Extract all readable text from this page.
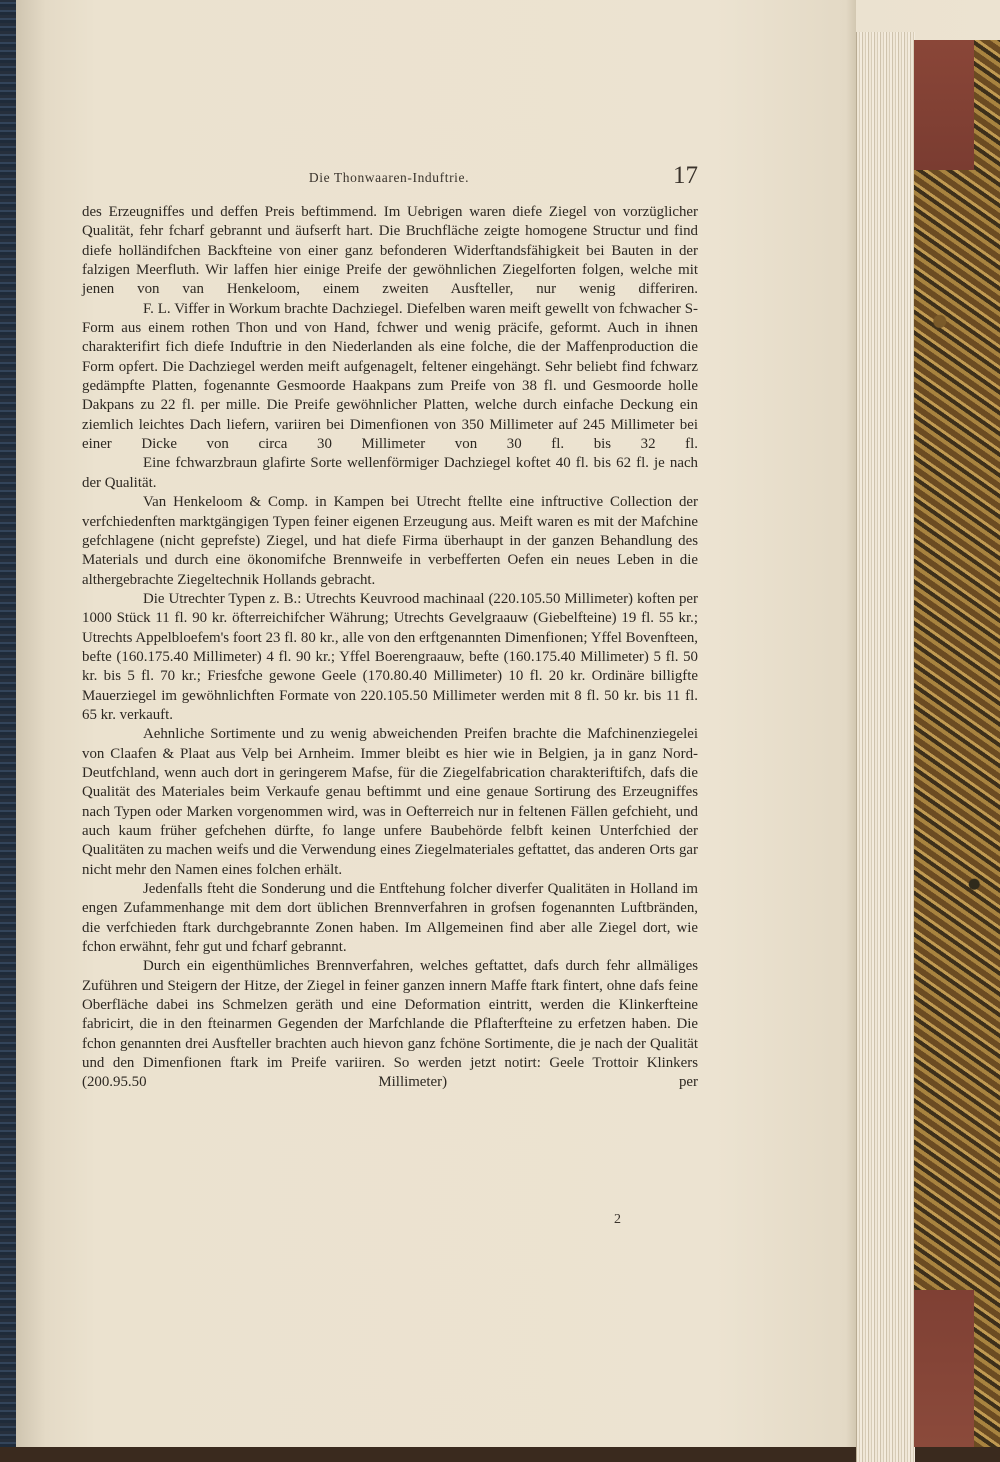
Die Thonwaaren-Induftrie.	17

des Erzeugniffes und deffen Preis beftimmend. Im Uebrigen waren diefe Ziegel von vorzüglicher Qualität, fehr fcharf gebrannt und äufserft hart. Die Bruchfläche zeigte homogene Structur und find diefe holländifchen Backfteine von einer ganz befonderen Widerftandsfähigkeit bei Bauten in der falzigen Meerfluth. Wir laffen hier einige Preife der gewöhnlichen Ziegelforten folgen, welche mit jenen von van Henkeloom, einem zweiten Ausfteller, nur wenig differiren.

F. L. Viffer in Workum brachte Dachziegel. Diefelben waren meift gewellt von fchwacher S-Form aus einem rothen Thon und von Hand, fchwer und wenig präcife, geformt. Auch in ihnen charakterifirt fich diefe Induftrie in den Niederlanden als eine folche, die der Maffenproduction die Form opfert. Die Dachziegel werden meift aufgenagelt, feltener eingehängt. Sehr beliebt find fchwarz gedämpfte Platten, fogenannte Gesmoorde Haakpans zum Preife von 38 fl. und Gesmoorde holle Dakpans zu 22 fl. per mille. Die Preife gewöhnlicher Platten, welche durch einfache Deckung ein ziemlich leichtes Dach liefern, variiren bei Dimenfionen von 350 Millimeter auf 245 Millimeter bei einer Dicke von circa 30 Millimeter von 30 fl. bis 32 fl.

Eine fchwarzbraun glafirte Sorte wellenförmiger Dachziegel koftet 40 fl. bis 62 fl. je nach der Qualität.

Van Henkeloom & Comp. in Kampen bei Utrecht ftellte eine inftructive Collection der verfchiedenften marktgängigen Typen feiner eigenen Erzeugung aus. Meift waren es mit der Mafchine gefchlagene (nicht geprefste) Ziegel, und hat diefe Firma überhaupt in der ganzen Behandlung des Materials und durch eine ökonomifche Brennweife in verbefferten Oefen ein neues Leben in die althergebrachte Ziegeltechnik Hollands gebracht.

Die Utrechter Typen z. B.: Utrechts Keuvrood machinaal (220.105.50 Millimeter) koften per 1000 Stück 11 fl. 90 kr. öfterreichifcher Währung; Utrechts Gevelgraauw (Giebelfteine) 19 fl. 55 kr.; Utrechts Appelbloefem's foort 23 fl. 80 kr., alle von den erftgenannten Dimenfionen; Yffel Bovenfteen, befte (160.175.40 Millimeter) 4 fl. 90 kr.; Yffel Boerengraauw, befte (160.175.40 Millimeter) 5 fl. 50 kr. bis 5 fl. 70 kr.; Friesfche gewone Geele (170.80.40 Millimeter) 10 fl. 20 kr. Ordinäre billigfte Mauerziegel im gewöhnlichften Formate von 220.105.50 Millimeter werden mit 8 fl. 50 kr. bis 11 fl. 65 kr. verkauft.

Aehnliche Sortimente und zu wenig abweichenden Preifen brachte die Mafchinenziegelei von Claafen & Plaat aus Velp bei Arnheim. Immer bleibt es hier wie in Belgien, ja in ganz Nord-Deutfchland, wenn auch dort in geringerem Mafse, für die Ziegelfabrication charakteriftifch, dafs die Qualität des Materiales beim Verkaufe genau beftimmt und eine genaue Sortirung des Erzeugniffes nach Typen oder Marken vorgenommen wird, was in Oefterreich nur in feltenen Fällen gefchieht, und auch kaum früher gefchehen dürfte, fo lange unfere Baubehörde felbft keinen Unterfchied der Qualitäten zu machen weifs und die Verwendung eines Ziegelmateriales geftattet, das anderen Orts gar nicht mehr den Namen eines folchen erhält.

Jedenfalls fteht die Sonderung und die Entftehung folcher diverfer Qualitäten in Holland im engen Zufammenhange mit dem dort üblichen Brennverfahren in grofsen fogenannten Luftbränden, die verfchieden ftark durchgebrannte Zonen haben. Im Allgemeinen find aber alle Ziegel dort, wie fchon erwähnt, fehr gut und fcharf gebrannt.

Durch ein eigenthümliches Brennverfahren, welches geftattet, dafs durch fehr allmäliges Zuführen und Steigern der Hitze, der Ziegel in feiner ganzen innern Maffe ftark fintert, ohne dafs feine Oberfläche dabei ins Schmelzen geräth und eine Deformation eintritt, werden die Klinkerfteine fabricirt, die in den fteinarmen Gegenden der Marfchlande die Pflafterfteine zu erfetzen haben. Die fchon genannten drei Ausfteller brachten auch hievon ganz fchöne Sortimente, die je nach der Qualität und den Dimenfionen ftark im Preife variiren. So werden jetzt notirt: Geele Trottoir Klinkers (200.95.50 Millimeter) per

2
